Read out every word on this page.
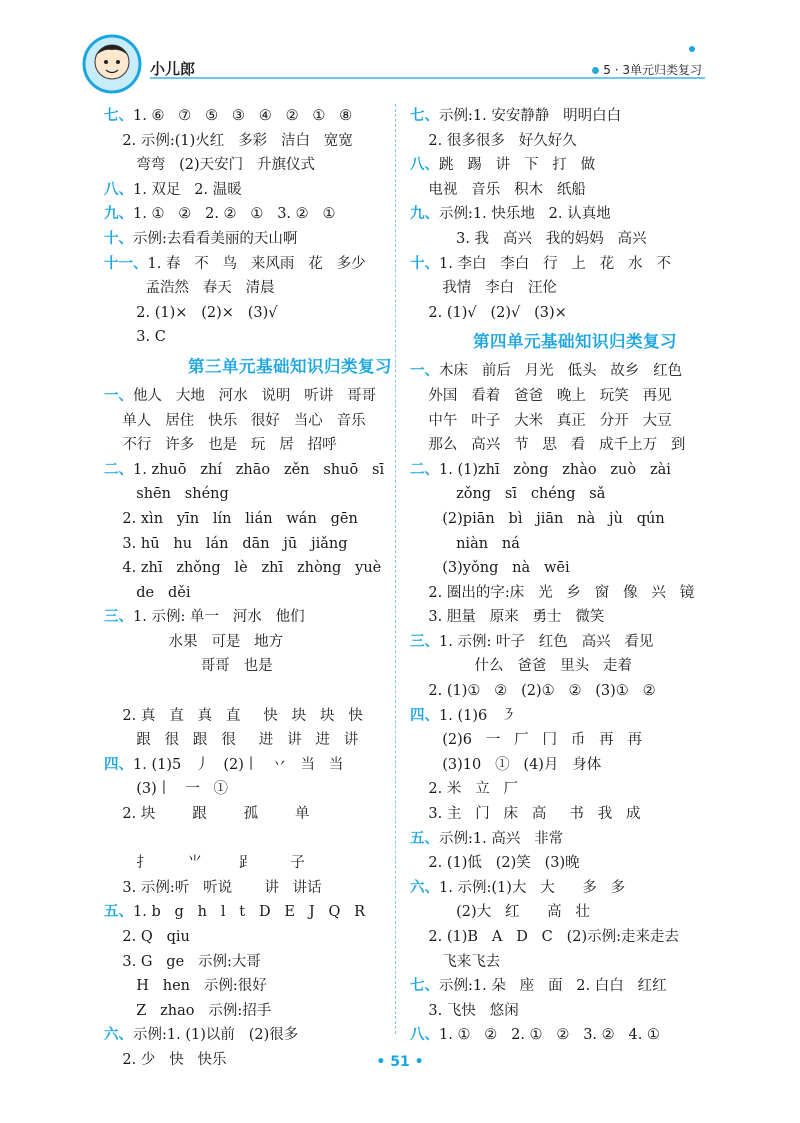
小儿郎	5 · 3单元归类复习
七、1. ⑥   ⑦   ⑤   ③   ④   ②   ①   ⑧
2. 示例:(1)火红   多彩   洁白   宽宽
弯弯   (2)天安门   升旗仪式
八、1. 双足   2. 温暖
九、1. ①   ②   2. ②   ①   3. ②   ①
十、示例:去看看美丽的天山啊
十一、1. 春   不   鸟   来风雨   花   多少
孟浩然   春天   清晨
2. (1)×   (2)×   (3)√
3. C
第三单元基础知识归类复习
一、他人   大地   河水   说明   听讲   哥哥
单人   居住   快乐   很好   当心   音乐
不行   许多   也是   玩   居   招呼
二、1. zhuō   zhí   zhāo   zěn   shuō   sī
shēn   shéng
2. xìn   yīn   lín   lián   wán   gēn
3. hū   hu   lán   dān   jū   jiǎng
4. zhī   zhǒng   lè   zhī   zhòng   yuè
de   děi
三、1. 示例: 单一   河水   他们
水果   可是   地方
哥哥   也是
2. 真   直   真   直     快   块   块   快
跟   很   跟   很     进   讲   进   讲
四、1. (1)5   丿   (2)丨   丷   当   当
(3)丨   一   ①
2. 块        跟        孤        单
扌        ⺌        𧾷        子
3. 示例:听   听说       讲   讲话
五、1. b   g   h   l   t   D   E   J   Q   R
2. Q   qiu
3. G   ge   示例:大哥
H   hen   示例:很好
Z   zhao   示例:招手
六、示例:1. (1)以前   (2)很多
2. 少   快   快乐
七、示例:1. 安安静静   明明白白
2. 很多很多   好久好久
八、跳   踢   讲   下   打   做
电视   音乐   积木   纸船
九、示例:1. 快乐地   2. 认真地
3. 我   高兴   我的妈妈   高兴
十、1. 李白   李白   行   上   花   水   不
我情   李白   汪伦
2. (1)√   (2)√   (3)×
第四单元基础知识归类复习
一、木床   前后   月光   低头   故乡   红色
外国   看着   爸爸   晚上   玩笑   再见
中午   叶子   大米   真正   分开   大豆
那么   高兴   节   思   看   成千上万   到
二、1. (1)zhī   zòng   zhào   zuò   zài
zǒng   sī   chéng   sǎ
(2)piān   bì   jiān   nà   jù   qún
niàn   ná
(3)yǒng   nà   wēi
2. 圈出的字:床   光   乡   窗   像   兴   镜
3. 胆量   原来   勇士   微笑
三、1. 示例: 叶子   红色   高兴   看见
什么   爸爸   里头   走着
2. (1)①   ②   (2)①   ②   (3)①   ②
四、1. (1)6   ㇋
(2)6   一   厂   冂   币   再   再
(3)10   ①   (4)月   身体
2. 米   立   厂
3. 主   门   床   高     书   我   成
五、示例:1. 高兴   非常
2. (1)低   (2)笑   (3)晚
六、1. 示例:(1)大   大      多   多
(2)大   红      高   壮
2. (1)B   A   D   C   (2)示例:走来走去
飞来飞去
七、示例:1. 朵   座   面   2. 白白   红红
3. 飞快   悠闲
八、1. ①   ②   2. ①   ②   3. ②   4. ①
• 51 •
